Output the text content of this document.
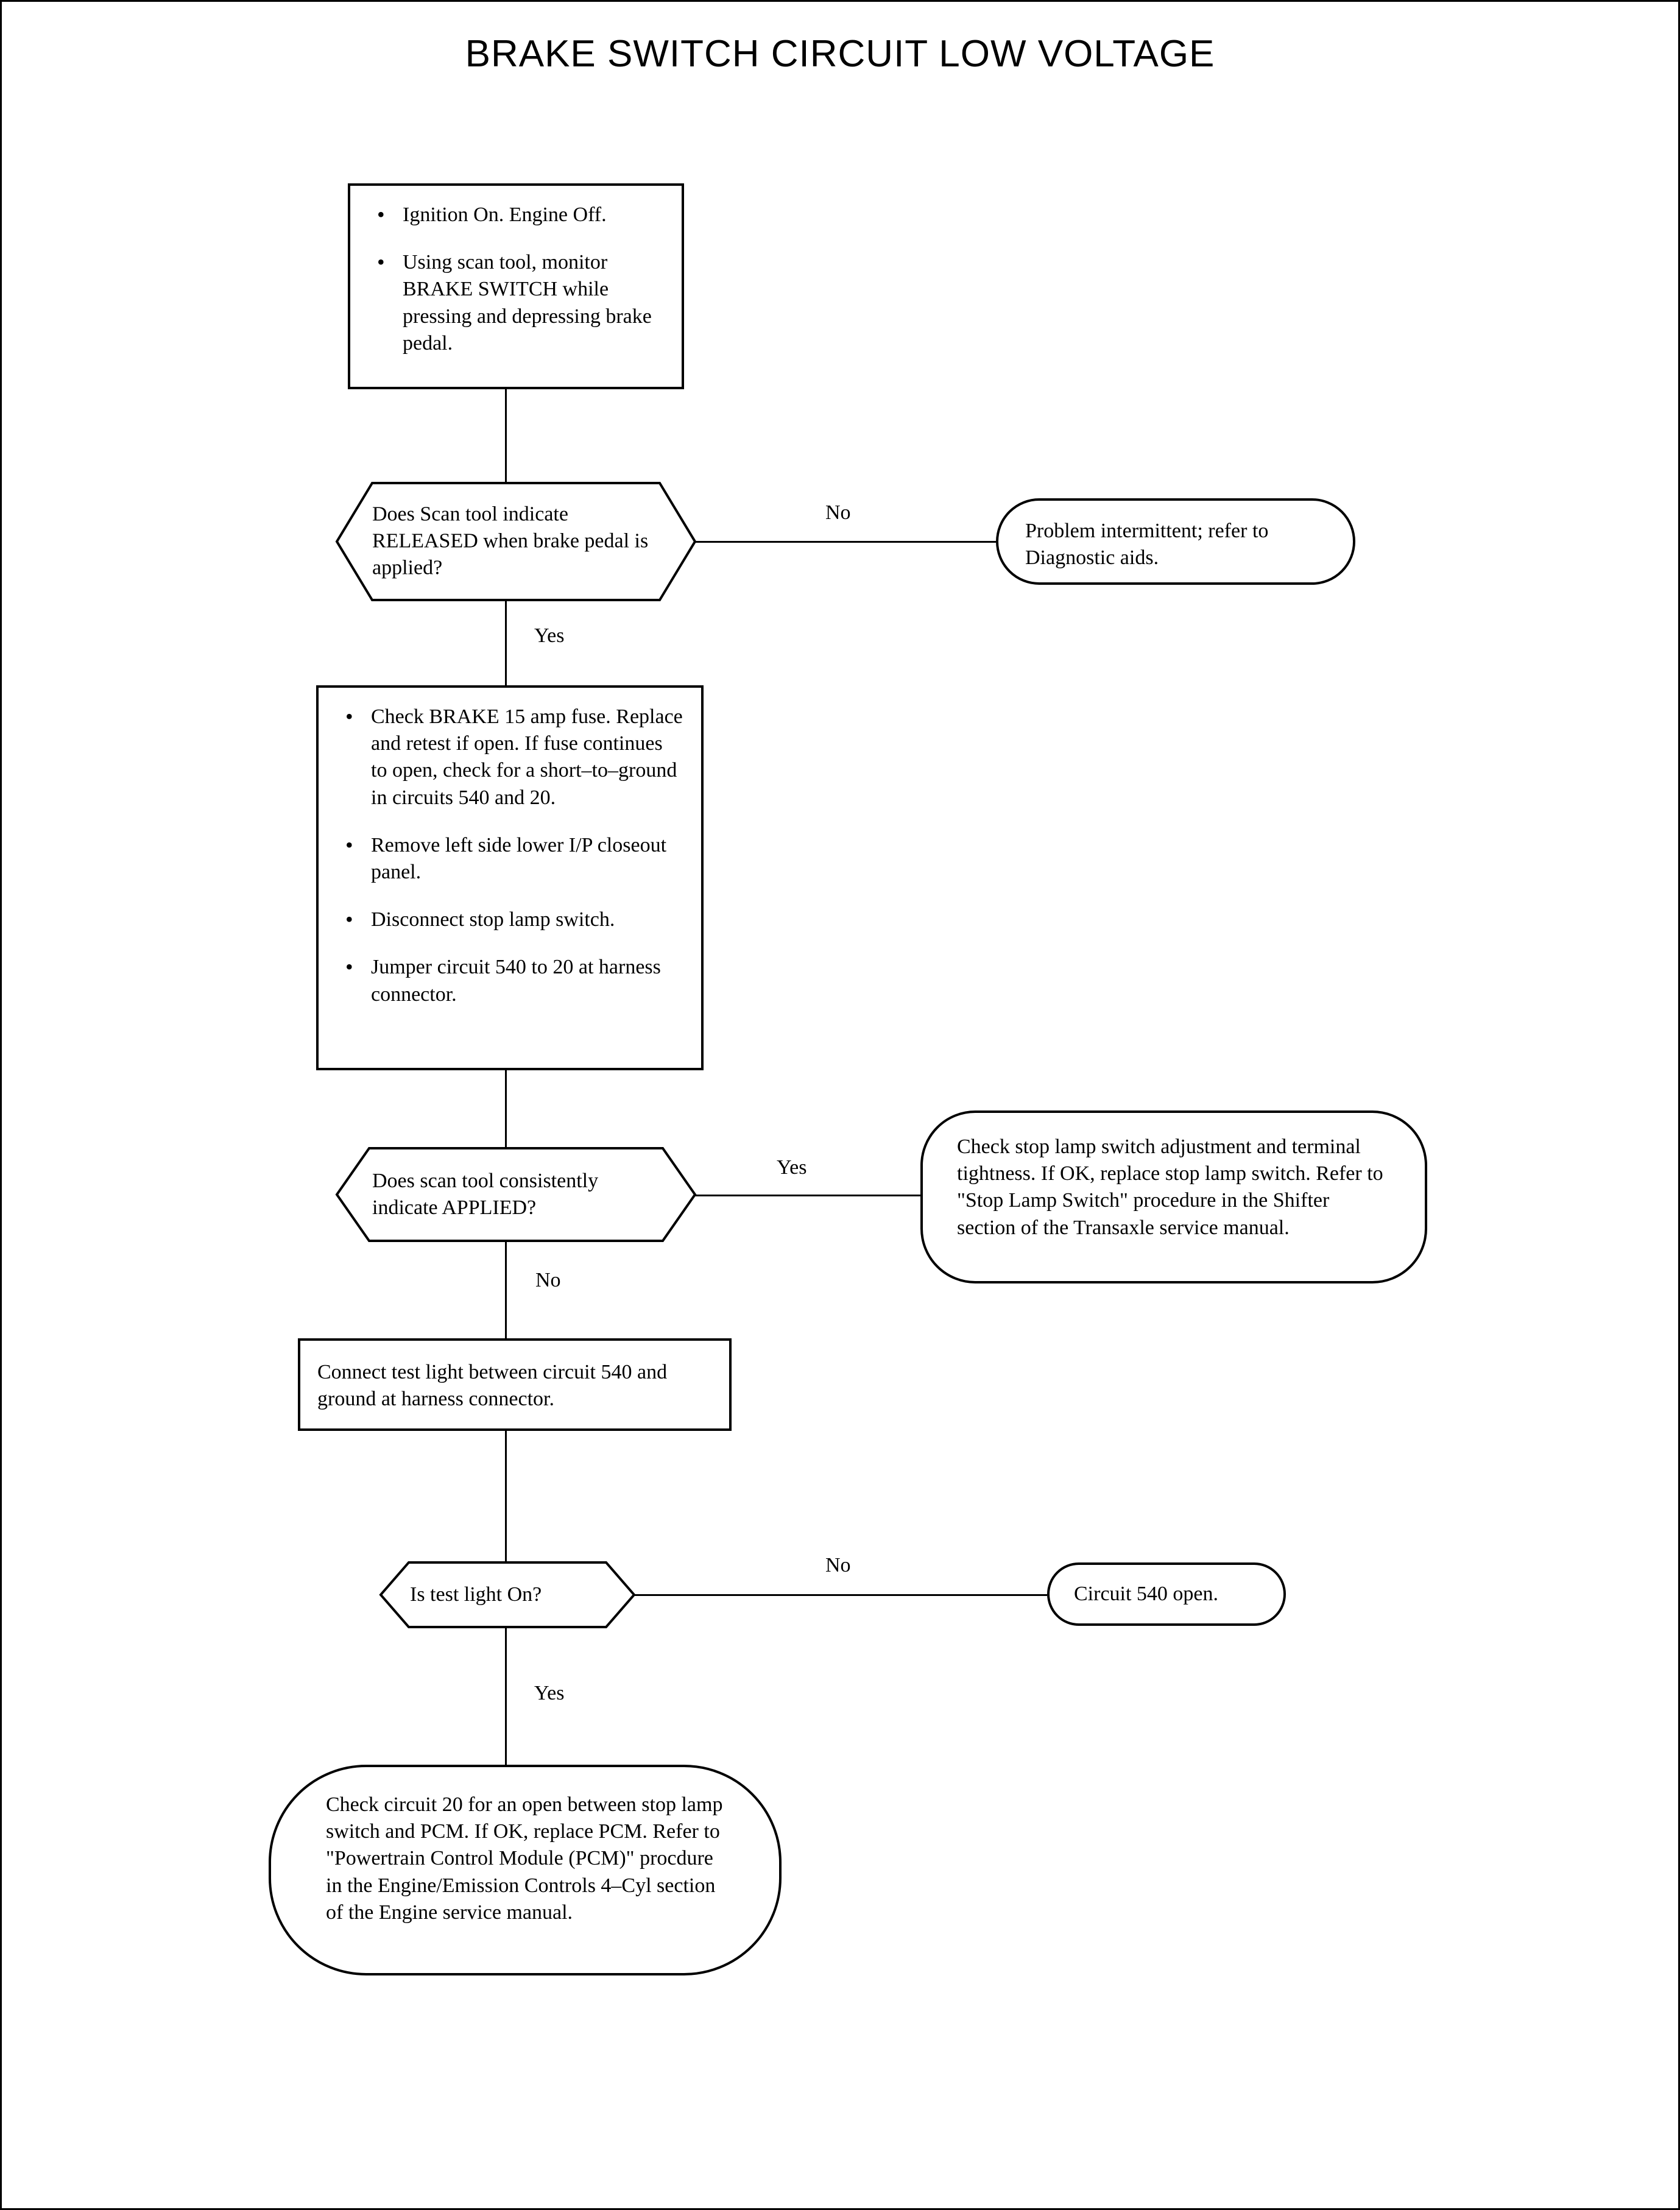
BRAKE SWITCH CIRCUIT LOW VOLTAGE
• Ignition On. Engine Off.
• Using scan tool, monitor BRAKE SWITCH while pressing and depressing brake pedal.
Does Scan tool indicate RELEASED when brake pedal is applied?
No
Problem intermittent; refer to Diagnostic aids.
Yes
• Check BRAKE 15 amp fuse. Replace and retest if open. If fuse continues to open, check for a short–to–ground in circuits 540 and 20.
• Remove left side lower I/P closeout panel.
• Disconnect stop lamp switch.
• Jumper circuit 540 to 20 at harness connector.
Does scan tool consistently indicate APPLIED?
Yes
Check stop lamp switch adjustment and terminal tightness. If OK, replace stop lamp switch. Refer to "Stop Lamp Switch" procedure in the Shifter section of the Transaxle service manual.
No
Connect test light between circuit 540 and ground at harness connector.
Is test light On?
No
Circuit 540 open.
Yes
Check circuit 20 for an open between stop lamp switch and PCM. If OK, replace PCM. Refer to "Powertrain Control Module (PCM)" procdure in the Engine/Emission Controls 4–Cyl section of the Engine service manual.
